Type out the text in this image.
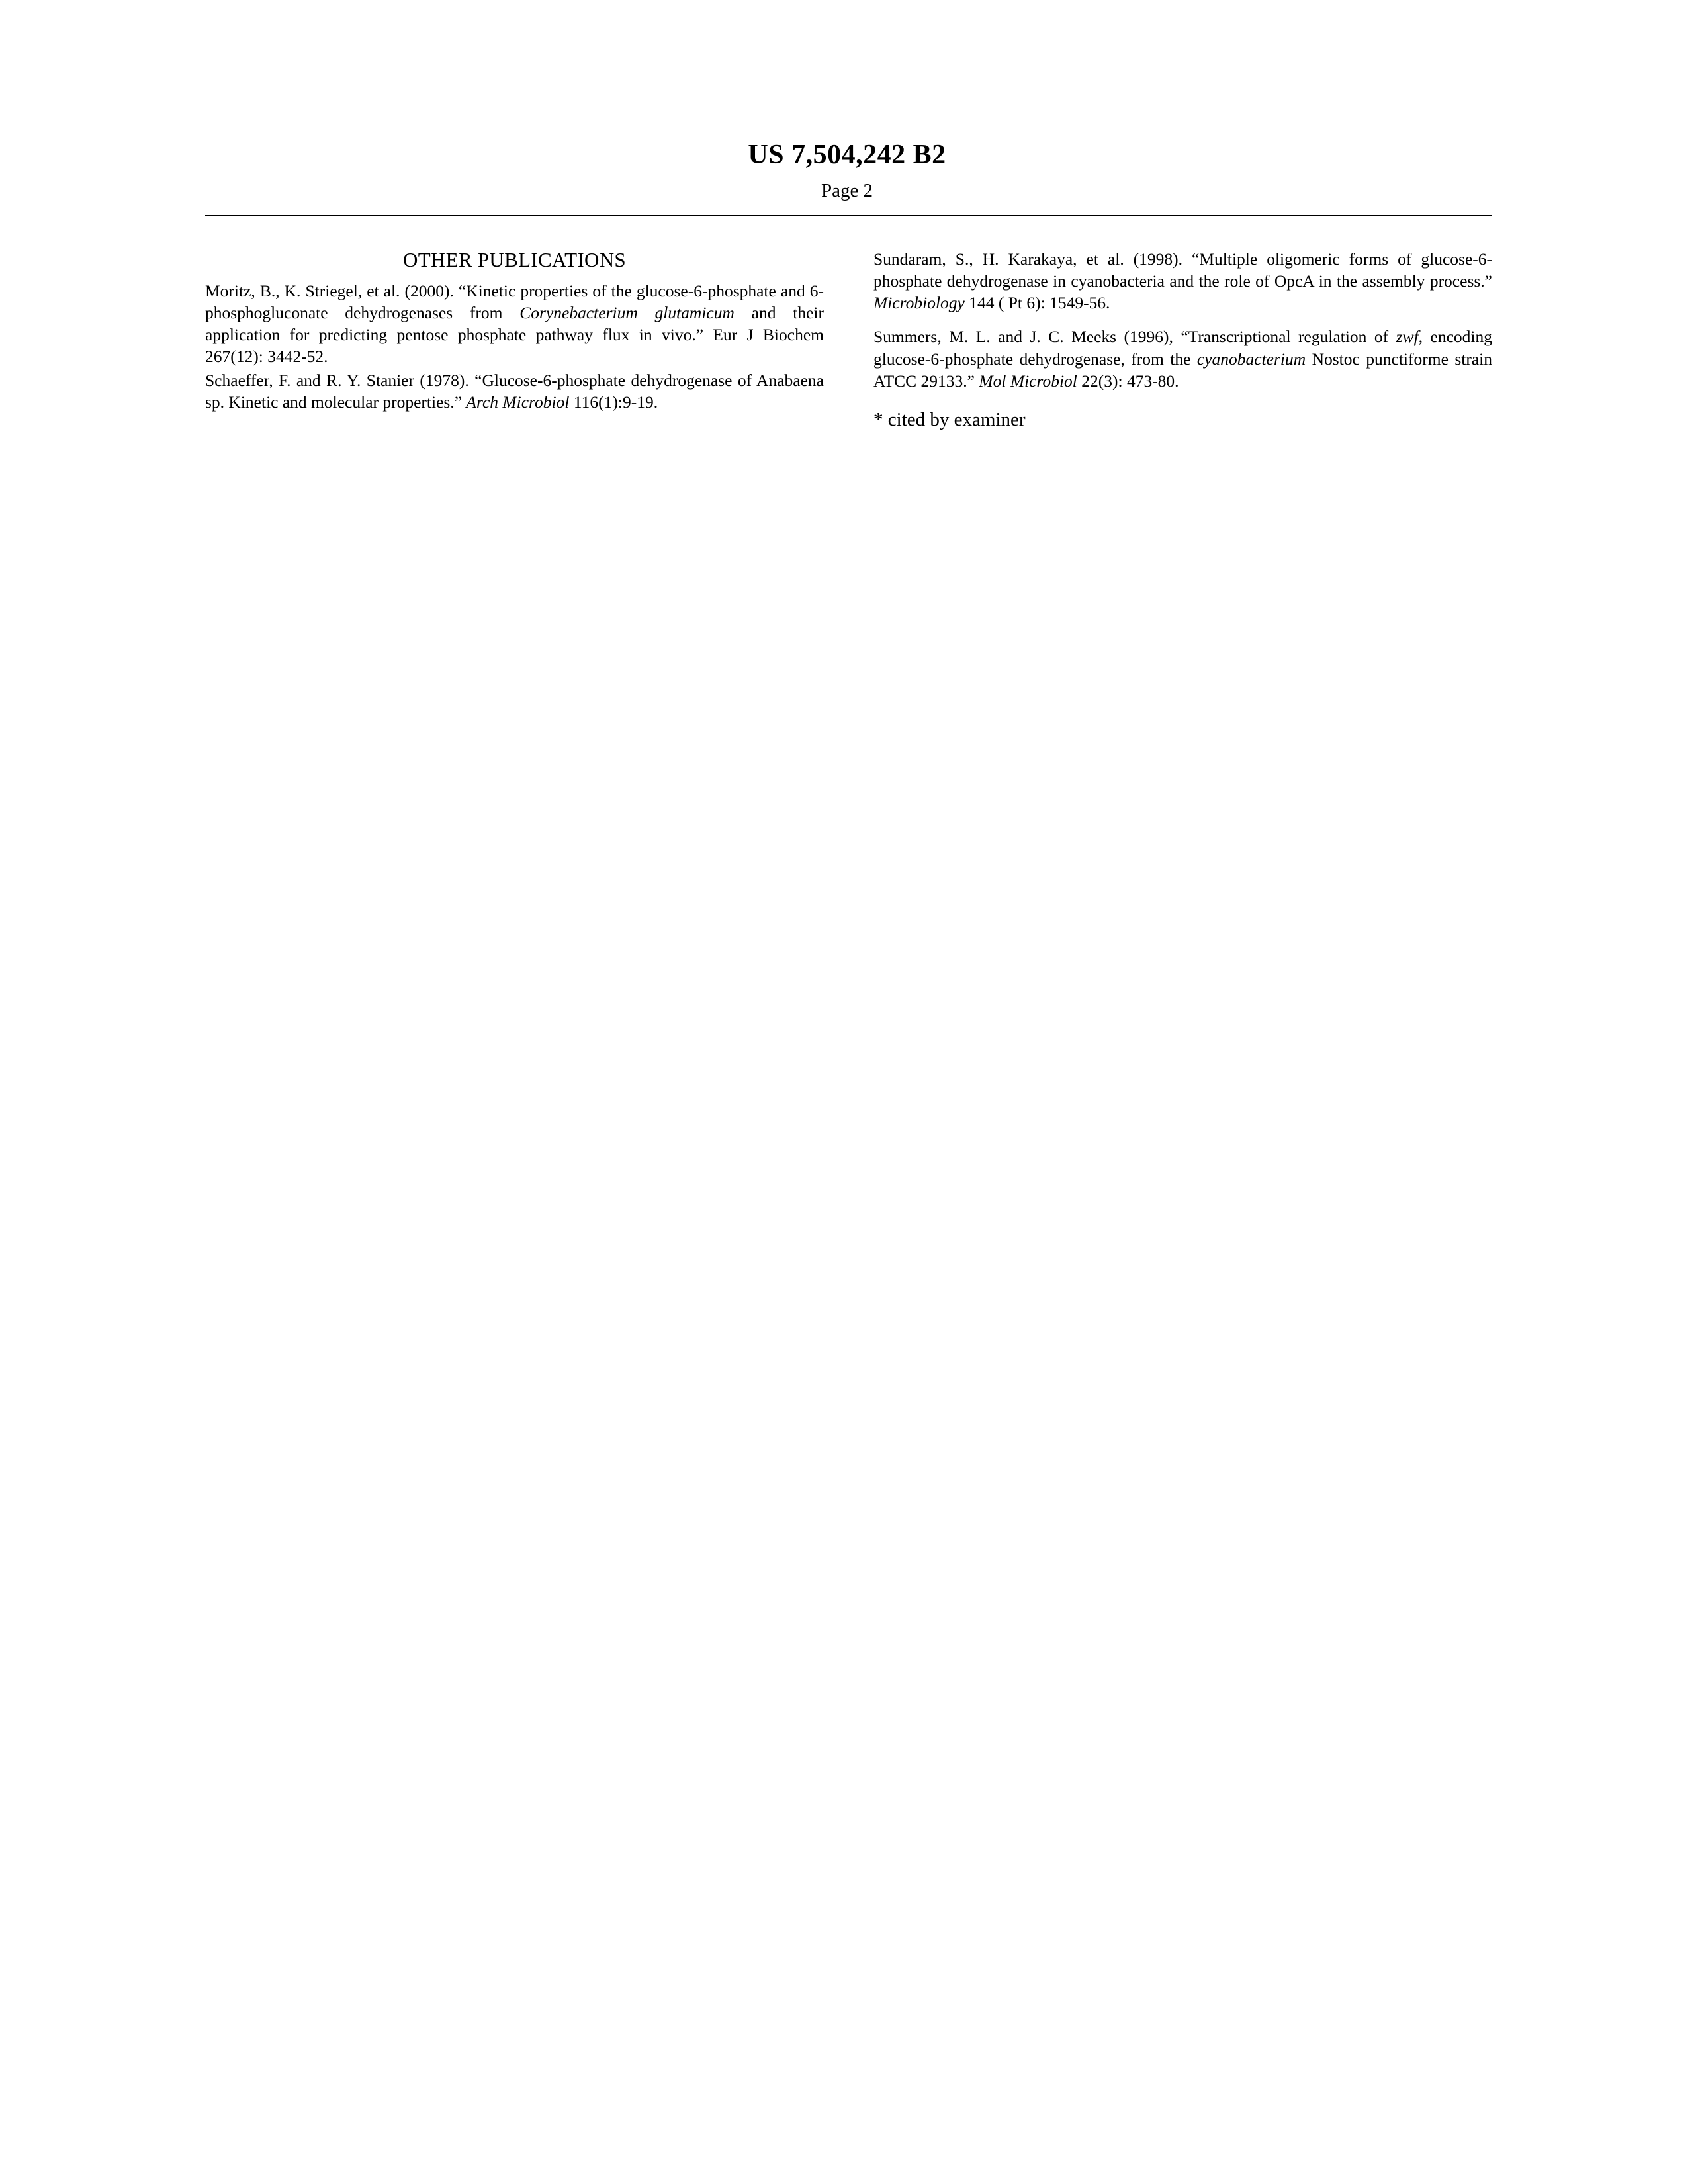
US 7,504,242 B2
Page 2
OTHER PUBLICATIONS
Moritz, B., K. Striegel, et al. (2000). “Kinetic properties of the glucose-6-phosphate and 6-phosphogluconate dehydrogenases from Corynebacterium glutamicum and their application for predicting pentose phosphate pathway flux in vivo.” Eur J Biochem 267(12): 3442-52.
Schaeffer, F. and R. Y. Stanier (1978). “Glucose-6-phosphate dehydrogenase of Anabaena sp. Kinetic and molecular properties.” Arch Microbiol 116(1):9-19.
Sundaram, S., H. Karakaya, et al. (1998). “Multiple oligomeric forms of glucose-6-phosphate dehydrogenase in cyanobacteria and the role of OpcA in the assembly process.” Microbiology 144 ( Pt 6): 1549-56.
Summers, M. L. and J. C. Meeks (1996), “Transcriptional regulation of zwf, encoding glucose-6-phosphate dehydrogenase, from the cyanobacterium Nostoc punctiforme strain ATCC 29133.” Mol Microbiol 22(3): 473-80.
* cited by examiner
